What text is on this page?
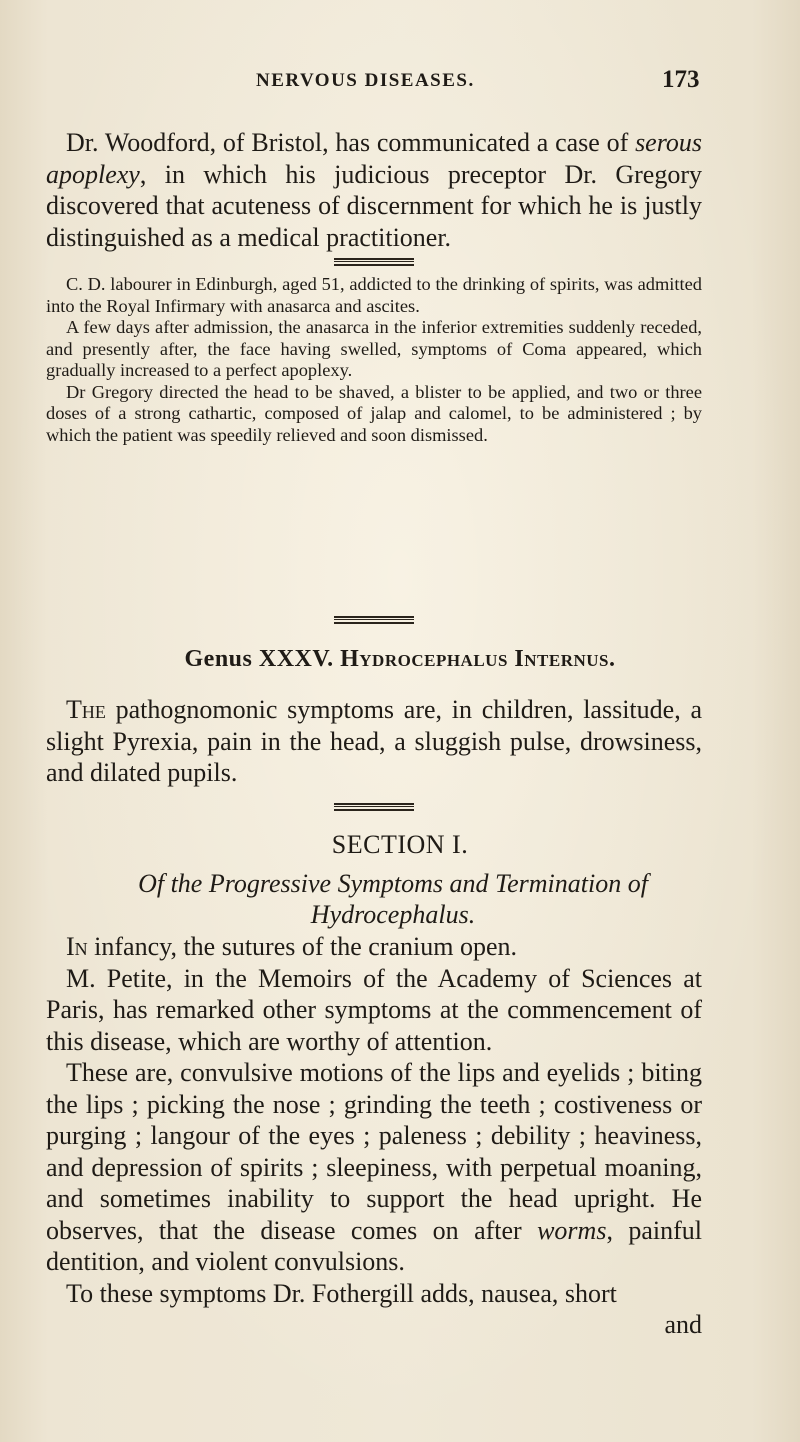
NERVOUS DISEASES.	173

Dr. Woodford, of Bristol, has communicated a case of serous apoplexy, in which his judicious preceptor Dr. Gregory discovered that acuteness of discernment for which he is justly distinguished as a medical practitioner.

C. D. labourer in Edinburgh, aged 51, addicted to the drinking of spirits, was admitted into the Royal Infirmary with anasarca and ascites.

A few days after admission, the anasarca in the inferior extremities suddenly receded, and presently after, the face having swelled, symptoms of Coma appeared, which gradually increased to a perfect apoplexy.

Dr Gregory directed the head to be shaved, a blister to be applied, and two or three doses of a strong cathartic, composed of jalap and calomel, to be administered ; by which the patient was speedily relieved and soon dismissed.

Genus XXXV. Hydrocephalus Internus.

The pathognomonic symptoms are, in children, lassitude, a slight Pyrexia, pain in the head, a sluggish pulse, drowsiness, and dilated pupils.

SECTION I.
Of the Progressive Symptoms and Termination of Hydrocephalus.

In infancy, the sutures of the cranium open.

M. Petite, in the Memoirs of the Academy of Sciences at Paris, has remarked other symptoms at the commencement of this disease, which are worthy of attention.

These are, convulsive motions of the lips and eyelids ; biting the lips ; picking the nose ; grinding the teeth ; costiveness or purging ; langour of the eyes ; paleness ; debility ; heaviness, and depression of spirits ; sleepiness, with perpetual moaning, and sometimes inability to support the head upright. He observes, that the disease comes on after worms, painful dentition, and violent convulsions.

To these symptoms Dr. Fothergill adds, nausea, short

and
